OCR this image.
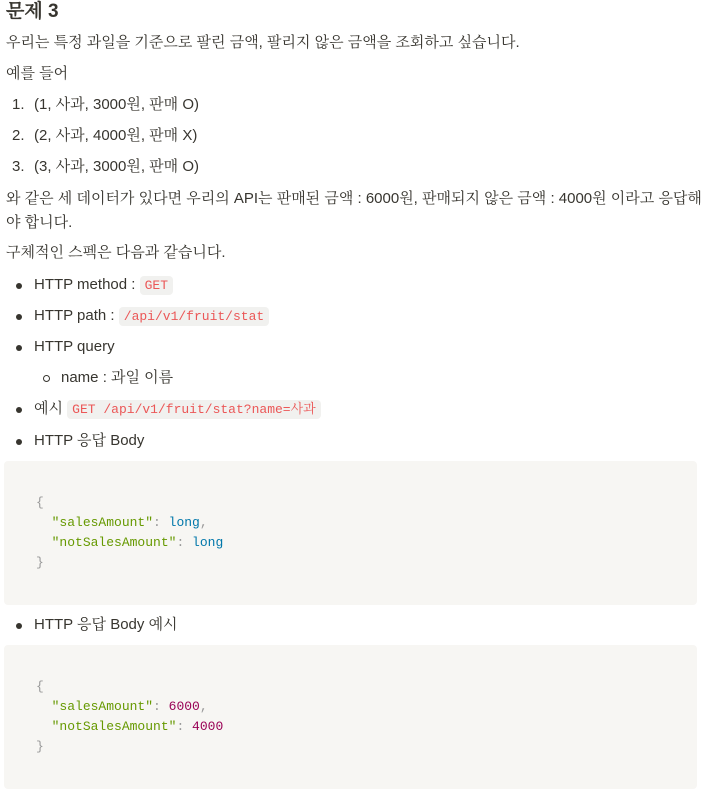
문제 3
우리는 특정 과일을 기준으로 팔린 금액, 팔리지 않은 금액을 조회하고 싶습니다.
예를 들어
1. (1, 사과, 3000원, 판매 O)
2. (2, 사과, 4000원, 판매 X)
3. (3, 사과, 3000원, 판매 O)
와 같은 세 데이터가 있다면 우리의 API는 판매된 금액 : 6000원, 판매되지 않은 금액 : 4000원 이라고 응답해야 합니다.
구체적인 스펙은 다음과 같습니다.
HTTP method : GET
HTTP path : /api/v1/fruit/stat
HTTP query
name : 과일 이름
예시 GET /api/v1/fruit/stat?name=사과
HTTP 응답 Body
{
"salesAmount": long,
"notSalesAmount": long
}
HTTP 응답 Body 예시
{
"salesAmount": 6000,
"notSalesAmount": 4000
}
